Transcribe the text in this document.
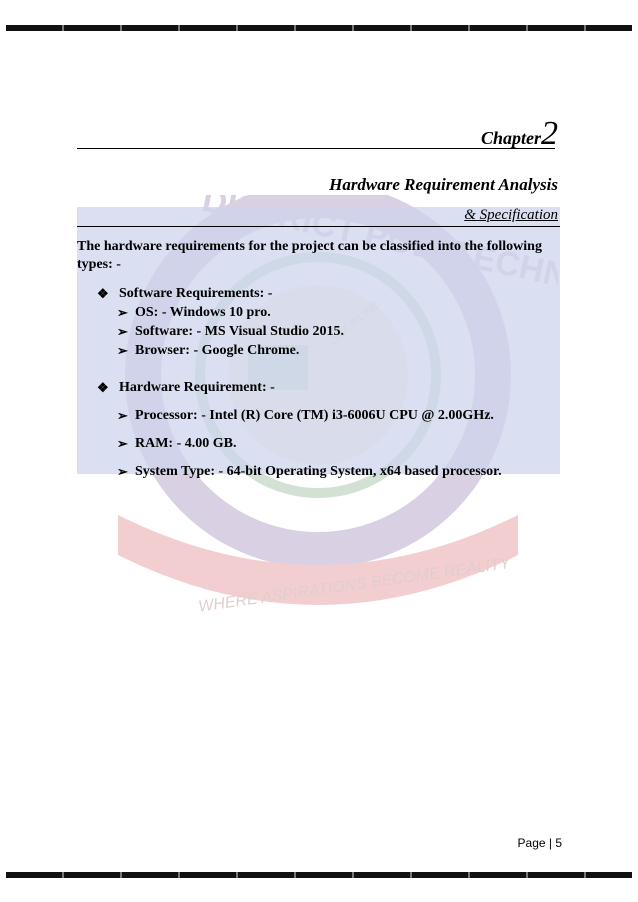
WHERE ASPIRATIONS BECOME REALITY
Chapter2
Hardware Requirement Analysis
& Specification
The hardware requirements for the project can be classified into the following types: -
❖ Software Requirements: -
➢ OS: - Windows 10 pro.
➢ Software: - MS Visual Studio 2015.
➢ Browser: - Google Chrome.
❖ Hardware Requirement: -
➢ Processor: - Intel (R) Core (TM) i3-6006U CPU @ 2.00GHz.
➢ RAM: - 4.00 GB.
➢ System Type: - 64-bit Operating System, x64 based processor.
Page | 5
